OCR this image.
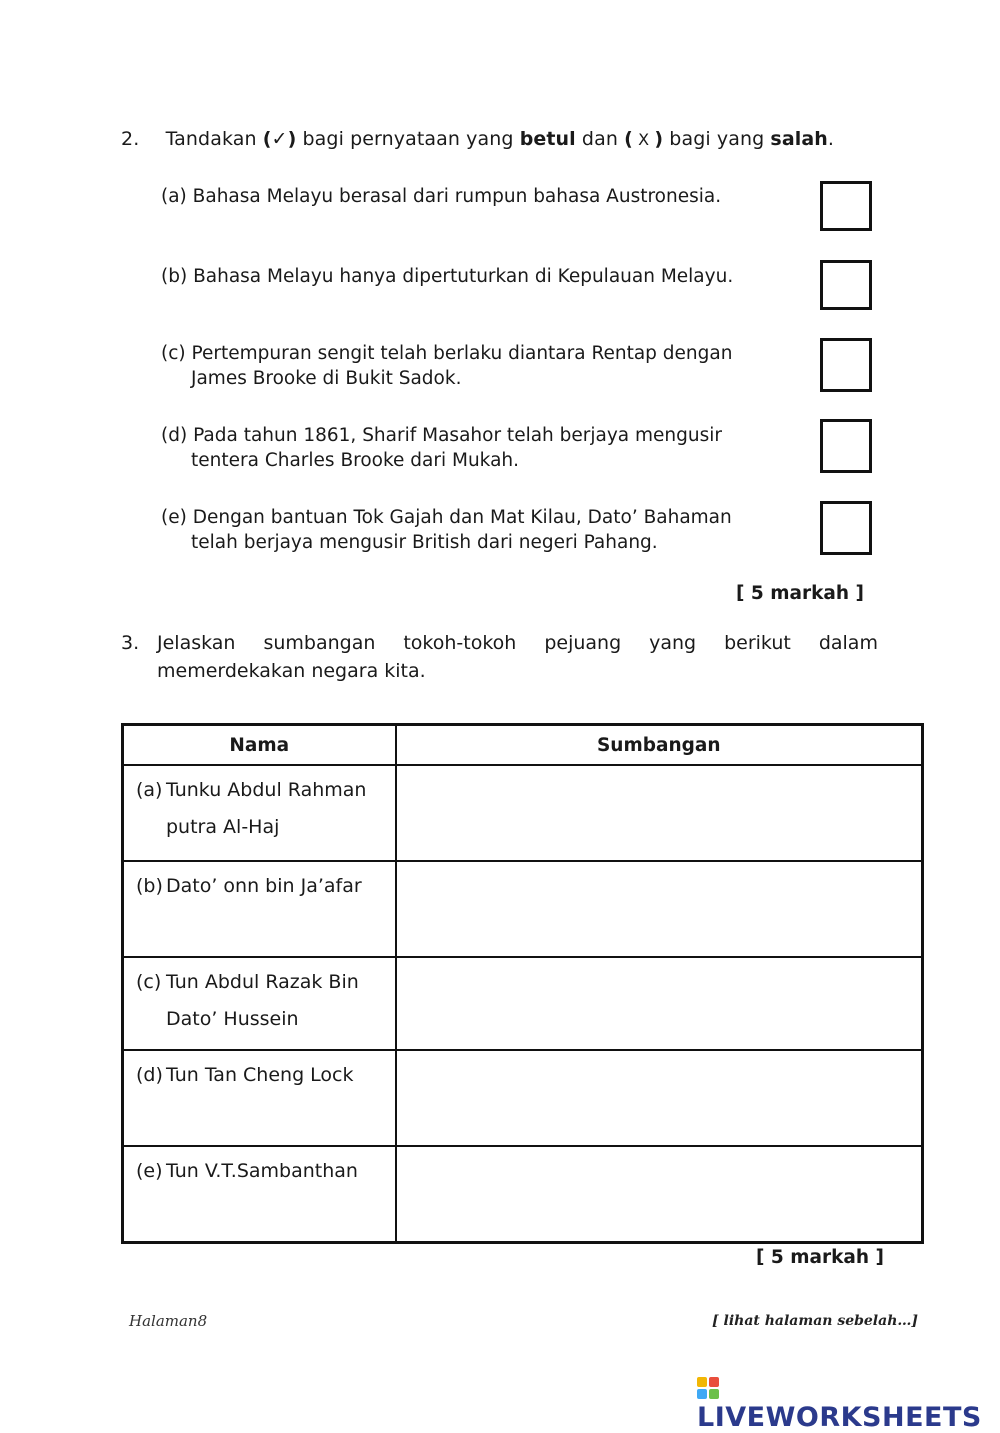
2. Tandakan (✓) bagi pernyataan yang betul dan ( X ) bagi yang salah.
(a) Bahasa Melayu berasal dari rumpun bahasa Austronesia.
(b) Bahasa Melayu hanya dipertuturkan di Kepulauan Melayu.
(c) Pertempuran sengit telah berlaku diantara Rentap dengan
James Brooke di Bukit Sadok.
(d) Pada tahun 1861, Sharif Masahor telah berjaya mengusir
tentera Charles Brooke dari Mukah.
(e) Dengan bantuan Tok Gajah dan Mat Kilau, Dato’ Bahaman
telah berjaya mengusir British dari negeri Pahang.
[ 5 markah ]
3. Jelaskan sumbangan tokoh-tokoh pejuang yang berikut dalam
memerdekakan negara kita.
Nama	Sumbangan

(a) Tunku Abdul Rahman
putra Al-Haj	

(b) Dato’ onn bin Ja’afar	

(c) Tun Abdul Razak Bin
Dato’ Hussein	

(d) Tun Tan Cheng Lock	

(e) Tun V.T.Sambanthan	

[ 5 markah ]
Halaman8	[ lihat halaman sebelah…]
LIVEWORKSHEETS
